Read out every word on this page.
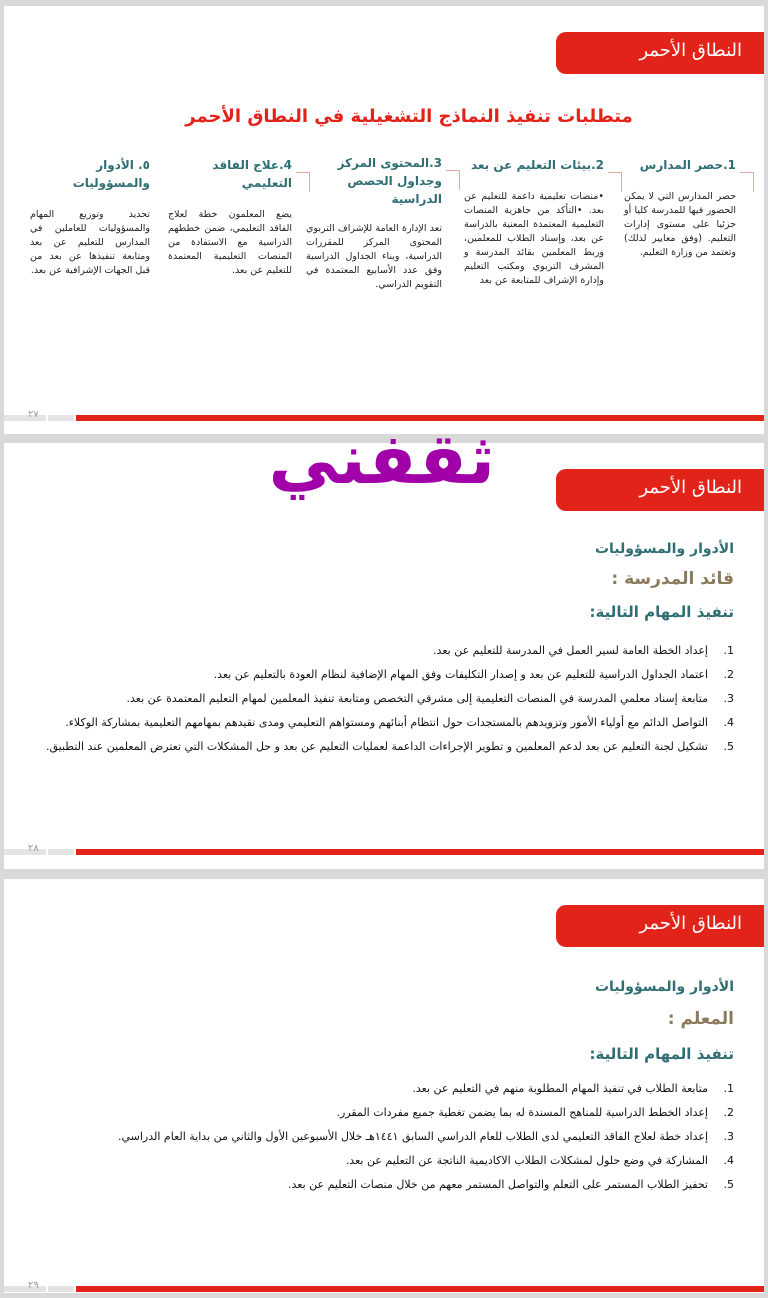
النطاق الأحمر
متطلبات تنفيذ النماذج التشغيلية في النطاق الأحمر
1.حصر المدارس
حصر المدارس التي لا يمكن الحضور فيها للمدرسة كليا أو جزئيا على مستوى إدارات التعليم. (وفق معايير لذلك) وتعتمد من وزارة التعليم.
2.بيئات التعليم عن بعد
•منصات تعليمية داعمة للتعليم عن بعد. •التأكد من جاهزية المنصات التعليمية المعتمدة المعنية بالدراسة عن بعد، وإسناد الطلاب للمعلمين، وربط المعلمين بقائد المدرسة و المشرف التربوي ومكتب التعليم وإدارة الإشراف للمتابعة عن بعد
3.المحتوى المركز وجداول الحصص الدراسية
تعد الإدارة العامة للإشراف التربوي المحتوى المركز للمقررات الدراسية، وبناء الجداول الدراسية وفق عدد الأسابيع المعتمدة في التقويم الدراسي.
4.علاج الفاقد التعليمي
يضع المعلمون خطة لعلاج الفاقد التعليمي، ضمن خططهم الدراسية مع الاستفادة من المنصات التعليمية المعتمدة للتعليم عن بعد.
٥. الأدوار والمسؤوليات
تحديد وتوزيع المهام والمسؤوليات للعاملين في المدارس للتعليم عن بعد ومتابعة تنفيذها عن بعد من قبل الجهات الإشرافية عن بعد.
٢٧
ثقفني	النطاق الأحمر
الأدوار والمسؤوليات
قائد المدرسة :
تنفيذ المهام التالية:
1.
إعداد الخطة العامة لسير العمل في المدرسة للتعليم عن بعد.
2.
اعتماد الجداول الدراسية للتعليم عن بعد و إصدار التكليفات وفق المهام الإضافية لنظام العودة بالتعليم عن بعد.
3.
متابعة إسناد معلمي المدرسة في المنصات التعليمية إلى مشرفي التخصص ومتابعة تنفيذ المعلمين لمهام التعليم المعتمدة عن بعد.
4.
التواصل الدائم مع أولياء الأمور وتزويدهم بالمستجدات حول انتظام أبنائهم ومستواهم التعليمي ومدى تقيدهم بمهامهم التعليمية بمشاركة الوكلاء.
5.
تشكيل لجنة التعليم عن بعد لدعم المعلمين و تطوير الإجراءات الداعمة لعمليات التعليم عن بعد و حل المشكلات التي تعترض المعلمين عند التطبيق.
٢٨
النطاق الأحمر
الأدوار والمسؤوليات
المعلم :
تنفيذ المهام التالية:
1.
متابعة الطلاب في تنفيذ المهام المطلوبة منهم في التعليم عن بعد.
2.
إعداد الخطط الدراسية للمناهج المسندة له بما يضمن تغطية جميع مفردات المقرر.
3.
إعداد خطة لعلاج الفاقد التعليمي لدى الطلاب للعام الدراسي السابق ١٤٤١هـ خلال الأسبوعين الأول والثاني من بداية العام الدراسي.
4.
المشاركة في وضع حلول لمشكلات الطلاب الاكاديمية الناتجة عن التعليم عن بعد.
5.
تحفيز الطلاب المستمر على التعلم والتواصل المستمر معهم من خلال منصات التعليم عن بعد.
٢٩
